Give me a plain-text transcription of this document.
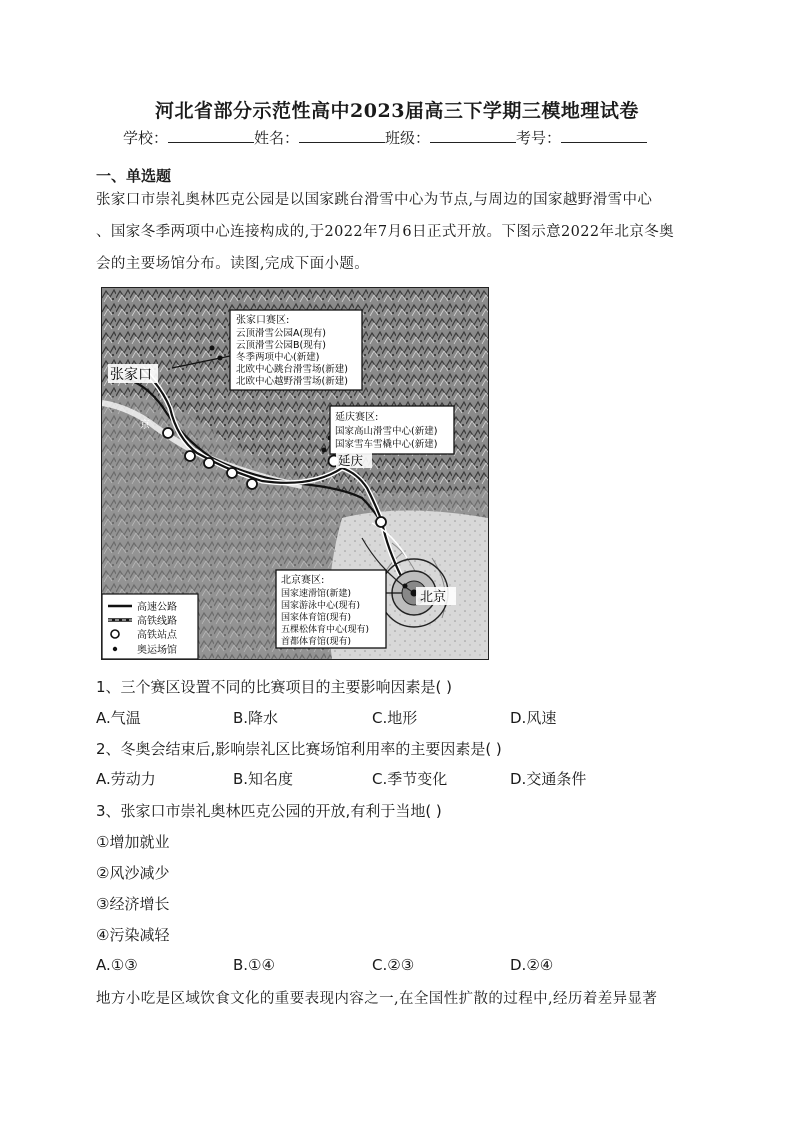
河北省部分示范性高中2023届高三下学期三模地理试卷
学校：	姓名：	班级：	考号：
一、单选题
张家口市崇礼奥林匹克公园是以国家跳台滑雪中心为节点,与周边的国家越野滑雪中心
、国家冬季两项中心连接构成的,于2022年7月6日正式开放。下图示意2022年北京冬奥
会的主要场馆分布。读图,完成下面小题。
张家口赛区:
云顶滑雪公园A(现有)
云顶滑雪公园B(现有)
冬季两项中心(新建)
北欧中心跳台滑雪场(新建)
北欧中心越野滑雪场(新建)
延庆赛区:
国家高山滑雪中心(新建)
国家雪车雪橇中心(新建)
北京赛区:
国家速滑馆(新建)
国家游泳中心(现有)
国家体育馆(现有)
五棵松体育中心(现有)
首都体育馆(现有)
张家口
延庆
北京
京
高速公路
高铁线路
高铁站点
奥运场馆
1、三个赛区设置不同的比赛项目的主要影响因素是( )
A.气温	B.降水	C.地形	D.风速
2、冬奥会结束后,影响崇礼区比赛场馆利用率的主要因素是( )
A.劳动力	B.知名度	C.季节变化	D.交通条件
3、张家口市崇礼奥林匹克公园的开放,有利于当地( )
①增加就业
②风沙减少
③经济增长
④污染减轻
A.①③	B.①④	C.②③	D.②④
地方小吃是区域饮食文化的重要表现内容之一,在全国性扩散的过程中,经历着差异显著
